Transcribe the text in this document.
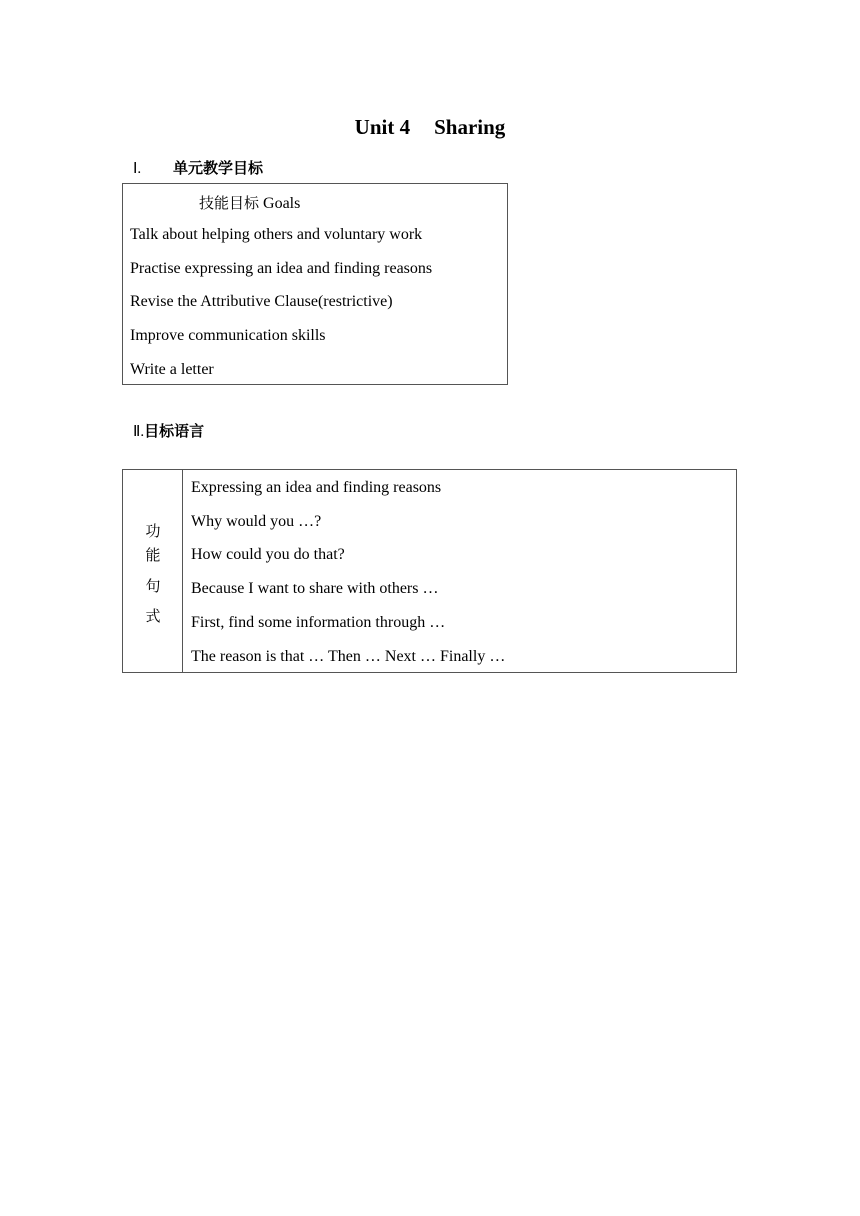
Unit 4 Sharing
Ⅰ. 单元教学目标
技能目标 Goals
Talk about helping others and voluntary work
Practise expressing an idea and finding reasons
Revise the Attributive Clause(restrictive)
Improve communication skills
Write a letter
Ⅱ.目标语言
功
能
句
式
Expressing an idea and finding reasons
Why would you …?
How could you do that?
Because I want to share with others …
First, find some information through …
The reason is that … Then … Next … Finally …
